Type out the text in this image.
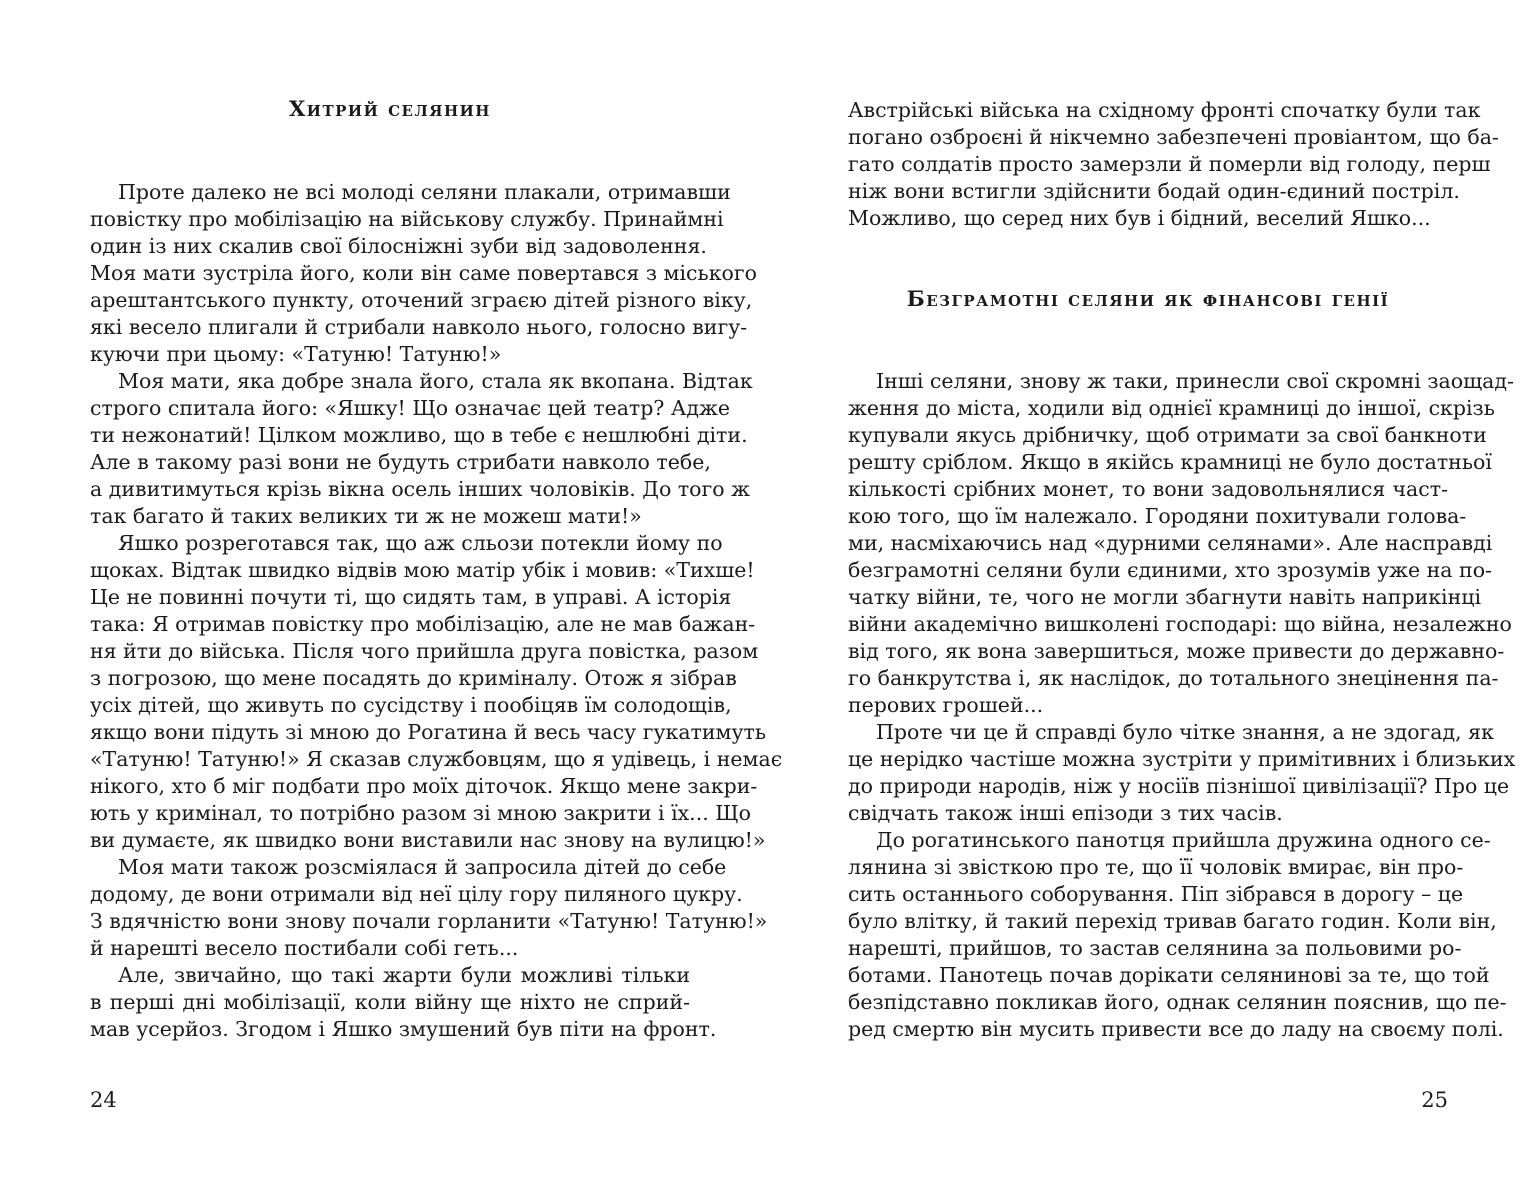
Хитрий селянин
Проте далеко не всі молоді селяни плакали, отримавши
повістку про мобілізацію на військову службу. Принаймні
один із них скалив свої білосніжні зуби від задоволення.
Моя мати зустріла його, коли він саме повертався з міського
арештантського пункту, оточений зграєю дітей різного віку,
які весело плигали й стрибали навколо нього, голосно вигу-
куючи при цьому: «Татуню! Татуню!»
Моя мати, яка добре знала його, стала як вкопана. Відтак
строго спитала його: «Яшку! Що означає цей театр? Адже
ти нежонатий! Цілком можливо, що в тебе є нешлюбні діти.
Але в такому разі вони не будуть стрибати навколо тебе,
а дивитимуться крізь вікна осель інших чоловіків. До того ж
так багато й таких великих ти ж не можеш мати!»
Яшко розреготався так, що аж сльози потекли йому по
щоках. Відтак швидко відвів мою матір убік і мовив: «Тихше!
Це не повинні почути ті, що сидять там, в управі. А історія
така: Я отримав повістку про мобілізацію, але не мав бажан-
ня йти до війська. Після чого прийшла друга повістка, разом
з погрозою, що мене посадять до криміналу. Отож я зібрав
усіх дітей, що живуть по сусідству і пообіцяв їм солодощів,
якщо вони підуть зі мною до Рогатина й весь часу гукатимуть
«Татуню! Татуню!» Я сказав службовцям, що я удівець, і немає
нікого, хто б міг подбати про моїх діточок. Якщо мене закри-
ють у кримінал, то потрібно разом зі мною закрити і їх... Що
ви думаєте, як швидко вони виставили нас знову на вулицю!»
Моя мати також розсміялася й запросила дітей до себе
додому, де вони отримали від неї цілу гору пиляного цукру.
З вдячністю вони знову почали горланити «Татуню! Татуню!»
й нарешті весело постибали собі геть...
Але, звичайно, що такі жарти були можливі тільки
в перші дні мобілізації, коли війну ще ніхто не сприй-
мав усерйоз. Згодом і Яшко змушений був піти на фронт.

24

Австрійські війська на східному фронті спочатку були так
погано озброєні й нікчемно забезпечені провіантом, що ба-
гато солдатів просто замерзли й померли від голоду, перш
ніж вони встигли здійснити бодай один-єдиний постріл.
Можливо, що серед них був і бідний, веселий Яшко...
Безграмотні селяни як фінансові генії
Інші селяни, знову ж таки, принесли свої скромні заощад-
ження до міста, ходили від однієї крамниці до іншої, скрізь
купували якусь дрібничку, щоб отримати за свої банкноти
решту сріблом. Якщо в якійсь крамниці не було достатньої
кількості срібних монет, то вони задовольнялися част-
кою того, що їм належало. Городяни похитували голова-
ми, насміхаючись над «дурними селянами». Але насправді
безграмотні селяни були єдиними, хто зрозумів уже на по-
чатку війни, те, чого не могли збагнути навіть наприкінці
війни академічно вишколені господарі: що війна, незалежно
від того, як вона завершиться, може привести до державно-
го банкрутства і, як наслідок, до тотального знецінення па-
перових грошей...
Проте чи це й справді було чітке знання, а не здогад, як
це нерідко частіше можна зустріти у примітивних і близьких
до природи народів, ніж у носіїв пізнішої цивілізації? Про це
свідчать також інші епізоди з тих часів.
До рогатинського панотця прийшла дружина одного се-
лянина зі звісткою про те, що її чоловік вмирає, він про-
сить останнього соборування. Піп зібрався в дорогу – це
було влітку, й такий перехід тривав багато годин. Коли він,
нарешті, прийшов, то застав селянина за польовими ро-
ботами. Панотець почав дорікати селянинові за те, що той
безпідставно покликав його, однак селянин пояснив, що пе-
ред смертю він мусить привести все до ладу на своєму полі.

25
